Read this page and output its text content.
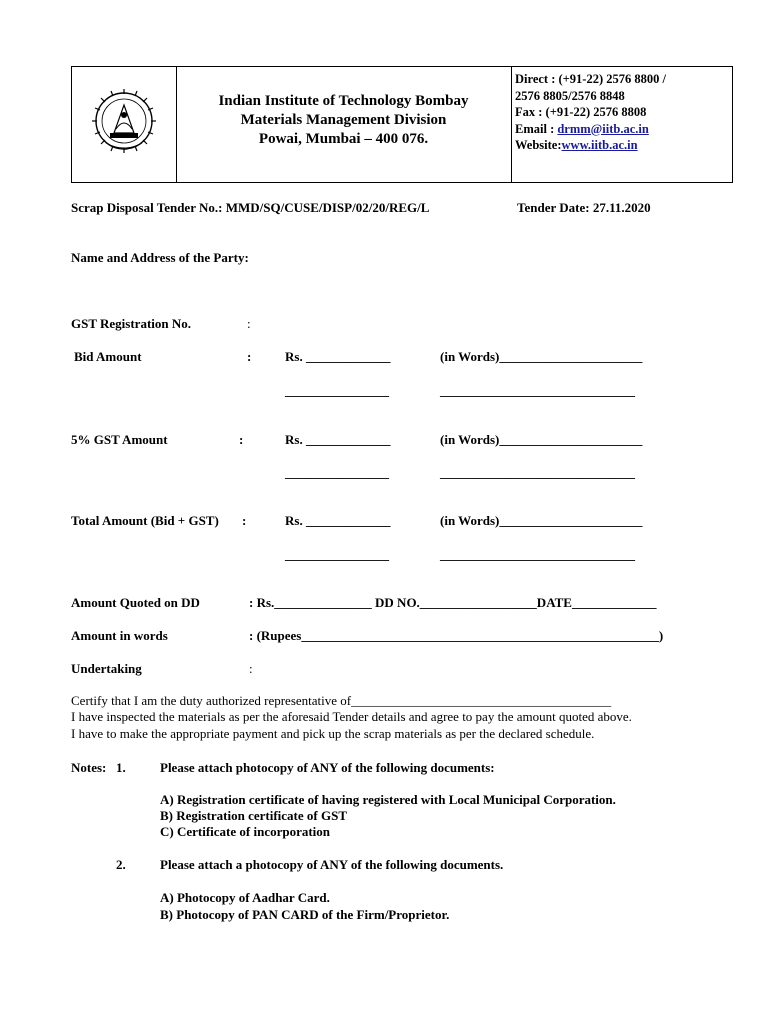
Indian Institute of Technology Bombay
Materials Management Division
Powai, Mumbai – 400 076.
Direct : (+91-22) 2576 8800 /
2576 8805/2576 8848
Fax : (+91-22) 2576 8808
Email : drmm@iitb.ac.in
Website:www.iitb.ac.in
Scrap Disposal Tender No.: MMD/SQ/CUSE/DISP/02/20/REG/L	Tender Date: 27.11.2020
Name and Address of the Party:
GST Registration No.	:
Bid Amount	:	Rs. _____________	(in Words)______________________
________________	______________________________
5% GST Amount	:	Rs. _____________	(in Words)______________________
________________	______________________________
Total Amount (Bid + GST) :	Rs. _____________	(in Words)______________________
________________	______________________________
Amount Quoted on DD	: Rs._______________ DD NO.__________________DATE_____________
Amount in words	: (Rupees_______________________________________________________)
Undertaking	:
Certify that I am the duty authorized representative of________________________________________
I have inspected the materials as per the aforesaid Tender details and agree to pay the amount quoted above.
I have to make the appropriate payment and pick up the scrap materials as per the declared schedule.
Notes: 1.	Please attach photocopy of ANY of the following documents:
A) Registration certificate of having registered with Local Municipal Corporation.
B) Registration certificate of GST
C) Certificate of incorporation
2.	Please attach a photocopy of ANY of the following documents.
A) Photocopy of Aadhar Card.
B) Photocopy of PAN CARD of the Firm/Proprietor.
